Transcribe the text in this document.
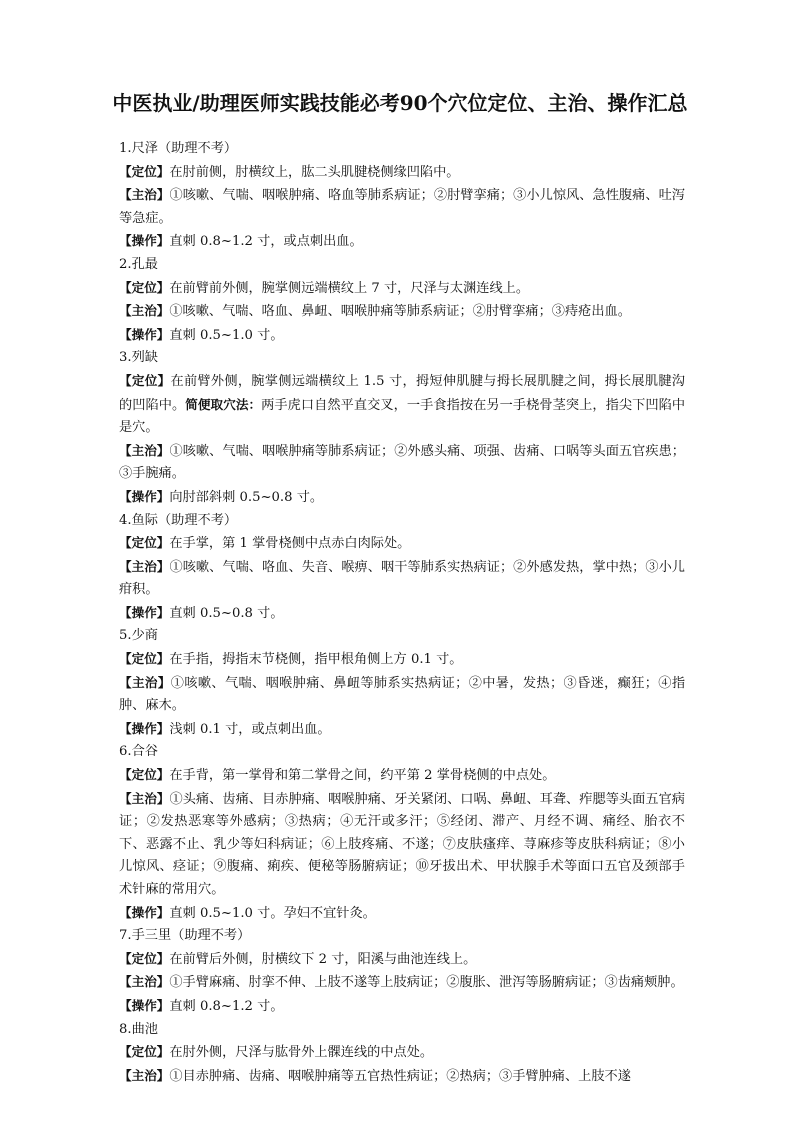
中医执业/助理医师实践技能必考90个穴位定位、主治、操作汇总

1.尺泽（助理不考）

【定位】在肘前侧，肘横纹上，肱二头肌腱桡侧缘凹陷中。

【主治】①咳嗽、气喘、咽喉肿痛、咯血等肺系病证；②肘臂挛痛；③小儿惊风、急性腹痛、吐泻等急症。

【操作】直刺 0.8~1.2 寸，或点刺出血。

2.孔最

【定位】在前臂前外侧，腕掌侧远端横纹上 7 寸，尺泽与太渊连线上。

【主治】①咳嗽、气喘、咯血、鼻衄、咽喉肿痛等肺系病证；②肘臂挛痛；③痔疮出血。

【操作】直刺 0.5~1.0 寸。

3.列缺

【定位】在前臂外侧，腕掌侧远端横纹上 1.5 寸，拇短伸肌腱与拇长展肌腱之间，拇长展肌腱沟的凹陷中。简便取穴法：两手虎口自然平直交叉，一手食指按在另一手桡骨茎突上，指尖下凹陷中是穴。

【主治】①咳嗽、气喘、咽喉肿痛等肺系病证；②外感头痛、项强、齿痛、口㖞等头面五官疾患；③手腕痛。

【操作】向肘部斜刺 0.5~0.8 寸。

4.鱼际（助理不考）

【定位】在手掌，第 1 掌骨桡侧中点赤白肉际处。

【主治】①咳嗽、气喘、咯血、失音、喉痹、咽干等肺系实热病证；②外感发热，掌中热；③小儿疳积。

【操作】直刺 0.5~0.8 寸。

5.少商

【定位】在手指，拇指末节桡侧，指甲根角侧上方 0.1 寸。

【主治】①咳嗽、气喘、咽喉肿痛、鼻衄等肺系实热病证；②中暑，发热；③昏迷，癫狂；④指肿、麻木。

【操作】浅刺 0.1 寸，或点刺出血。

6.合谷

【定位】在手背，第一掌骨和第二掌骨之间，约平第 2 掌骨桡侧的中点处。

【主治】①头痛、齿痛、目赤肿痛、咽喉肿痛、牙关紧闭、口㖞、鼻衄、耳聋、痄腮等头面五官病证；②发热恶寒等外感病；③热病；④无汗或多汗；⑤经闭、滞产、月经不调、痛经、胎衣不下、恶露不止、乳少等妇科病证；⑥上肢疼痛、不遂；⑦皮肤瘙痒、荨麻疹等皮肤科病证；⑧小儿惊风、痉证；⑨腹痛、痢疾、便秘等肠腑病证；⑩牙拔出术、甲状腺手术等面口五官及颈部手术针麻的常用穴。

【操作】直刺 0.5~1.0 寸。孕妇不宜针灸。

7.手三里（助理不考）

【定位】在前臂后外侧，肘横纹下 2 寸，阳溪与曲池连线上。

【主治】①手臂麻痛、肘挛不伸、上肢不遂等上肢病证；②腹胀、泄泻等肠腑病证；③齿痛颊肿。

【操作】直刺 0.8~1.2 寸。

8.曲池

【定位】在肘外侧，尺泽与肱骨外上髁连线的中点处。

【主治】①目赤肿痛、齿痛、咽喉肿痛等五官热性病证；②热病；③手臂肿痛、上肢不遂
